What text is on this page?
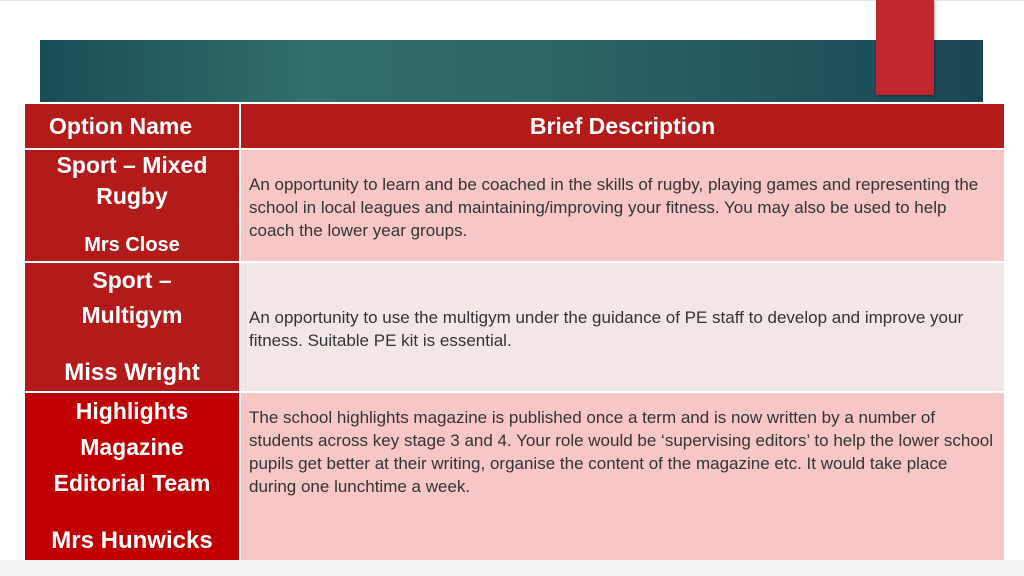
Option Name	Brief Description
Sport – Mixed
Rugby
Mrs Close
An opportunity to learn and be coached in the skills of rugby, playing games and representing the school in local leagues and maintaining/improving your fitness. You may also be used to help coach the lower year groups.
Sport –
Multigym
Miss Wright
An opportunity to use the multigym under the guidance of PE staff to develop and improve your fitness. Suitable PE kit is essential.
Highlights
Magazine
Editorial Team
Mrs Hunwicks
The school highlights magazine is published once a term and is now written by a number of students across key stage 3 and 4. Your role would be ‘supervising editors’ to help the lower school pupils get better at their writing, organise the content of the magazine etc. It would take place during one lunchtime a week.
